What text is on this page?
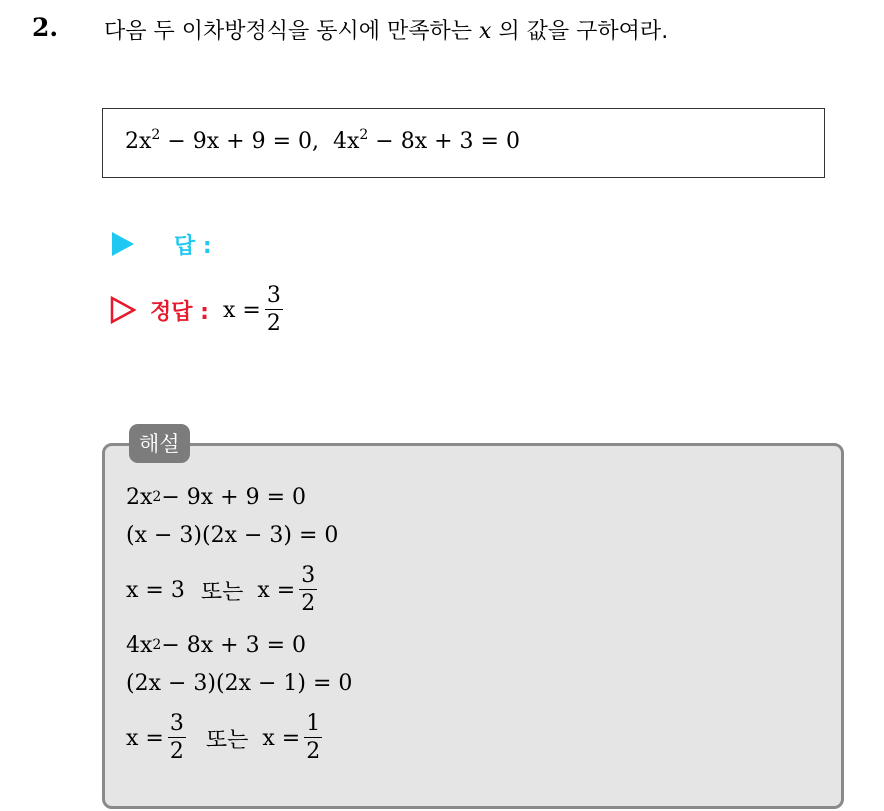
2. 다음 두 이차방정식을 동시에 만족하는 x 의 값을 구하여라.
$2x^2 - 9x + 9 = 0$, $4x^2 - 8x + 3 = 0$
답 :
정답 : $x = \frac{3}{2}$
해설
2x 2 − 9x + 9 = 0
(x − 3)(2x − 3) = 0
x = 3 또는 $x = \frac{3}{2}$
4x 2 − 8x + 3 = 0
(2x − 3)(2x − 1) = 0
$x = \frac{3}{2}$ 또는 $x = \frac{1}{2}$
